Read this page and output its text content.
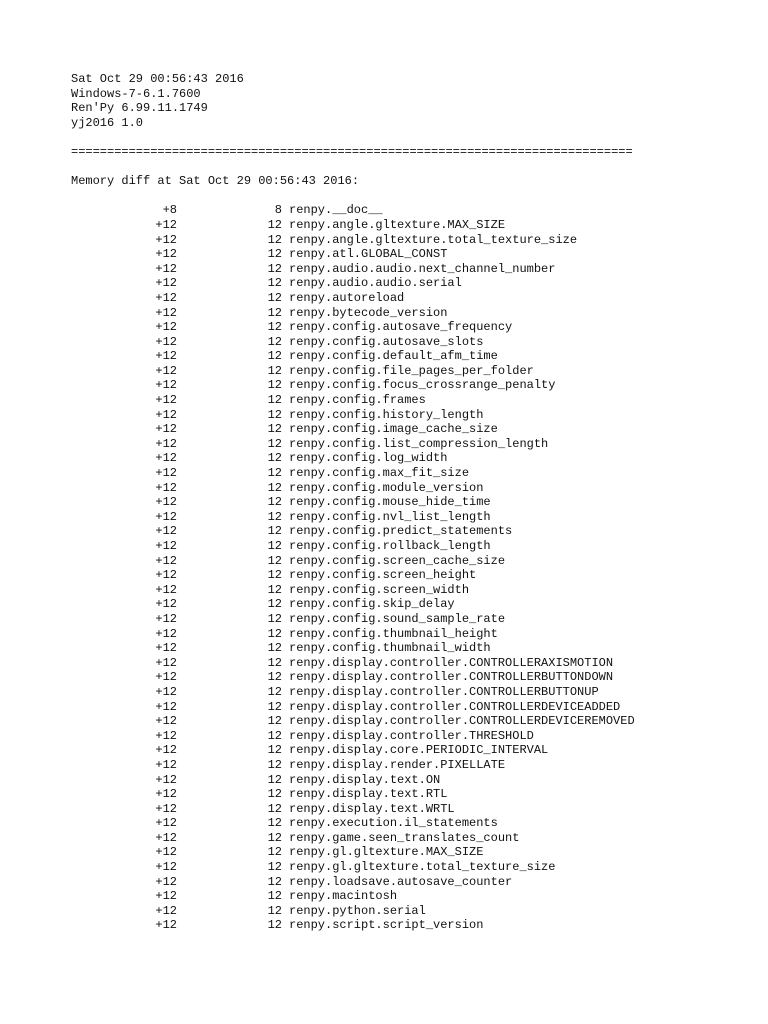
Sat Oct 29 00:56:43 2016
Windows-7-6.1.7600
Ren'Py 6.99.11.1749
yj2016 1.0
==============================================================================
Memory diff at Sat Oct 29 00:56:43 2016:
+8	8 renpy.__doc__
+12	12 renpy.angle.gltexture.MAX_SIZE
+12	12 renpy.angle.gltexture.total_texture_size
+12	12 renpy.atl.GLOBAL_CONST
+12	12 renpy.audio.audio.next_channel_number
+12	12 renpy.audio.audio.serial
+12	12 renpy.autoreload
+12	12 renpy.bytecode_version
+12	12 renpy.config.autosave_frequency
+12	12 renpy.config.autosave_slots
+12	12 renpy.config.default_afm_time
+12	12 renpy.config.file_pages_per_folder
+12	12 renpy.config.focus_crossrange_penalty
+12	12 renpy.config.frames
+12	12 renpy.config.history_length
+12	12 renpy.config.image_cache_size
+12	12 renpy.config.list_compression_length
+12	12 renpy.config.log_width
+12	12 renpy.config.max_fit_size
+12	12 renpy.config.module_version
+12	12 renpy.config.mouse_hide_time
+12	12 renpy.config.nvl_list_length
+12	12 renpy.config.predict_statements
+12	12 renpy.config.rollback_length
+12	12 renpy.config.screen_cache_size
+12	12 renpy.config.screen_height
+12	12 renpy.config.screen_width
+12	12 renpy.config.skip_delay
+12	12 renpy.config.sound_sample_rate
+12	12 renpy.config.thumbnail_height
+12	12 renpy.config.thumbnail_width
+12	12 renpy.display.controller.CONTROLLERAXISMOTION
+12	12 renpy.display.controller.CONTROLLERBUTTONDOWN
+12	12 renpy.display.controller.CONTROLLERBUTTONUP
+12	12 renpy.display.controller.CONTROLLERDEVICEADDED
+12	12 renpy.display.controller.CONTROLLERDEVICEREMOVED
+12	12 renpy.display.controller.THRESHOLD
+12	12 renpy.display.core.PERIODIC_INTERVAL
+12	12 renpy.display.render.PIXELLATE
+12	12 renpy.display.text.ON
+12	12 renpy.display.text.RTL
+12	12 renpy.display.text.WRTL
+12	12 renpy.execution.il_statements
+12	12 renpy.game.seen_translates_count
+12	12 renpy.gl.gltexture.MAX_SIZE
+12	12 renpy.gl.gltexture.total_texture_size
+12	12 renpy.loadsave.autosave_counter
+12	12 renpy.macintosh
+12	12 renpy.python.serial
+12	12 renpy.script.script_version
